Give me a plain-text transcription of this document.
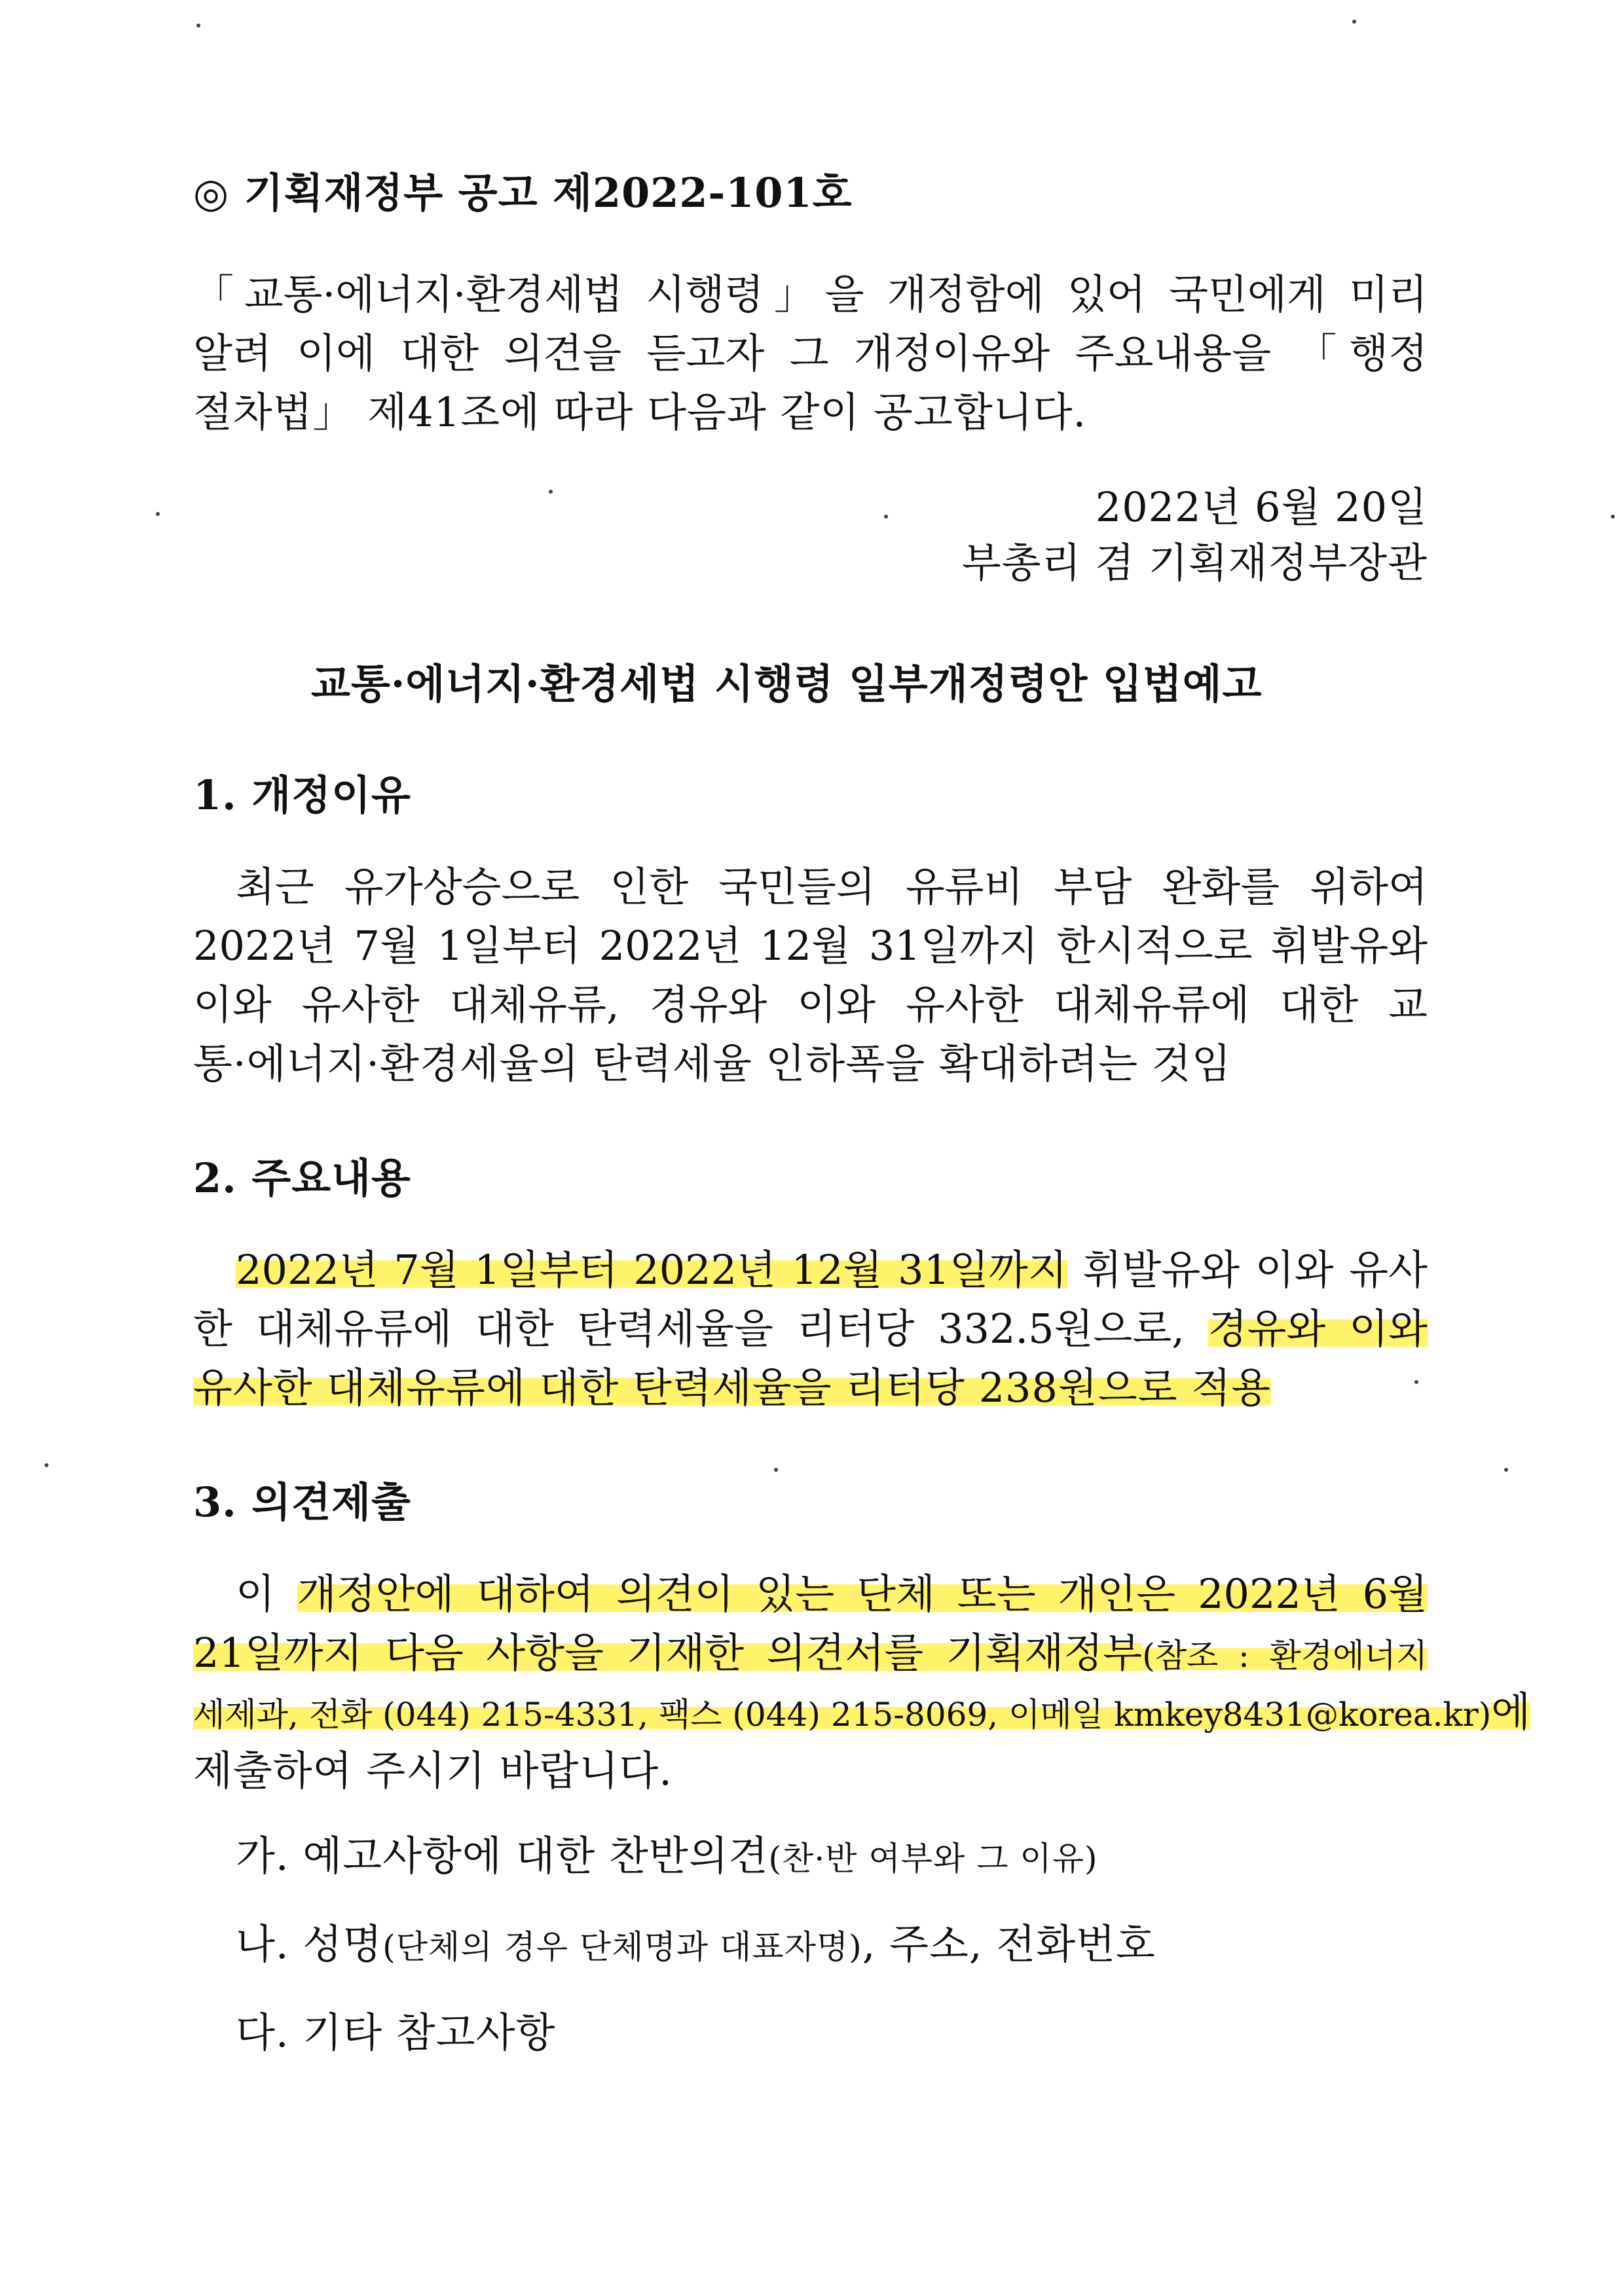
◎ 기획재정부 공고 제2022-101호

「교통·에너지·환경세법 시행령」을 개정함에 있어 국민에게 미리
알려 이에 대한 의견을 듣고자 그 개정이유와 주요내용을 「행정
절차법」 제41조에 따라 다음과 같이 공고합니다.

2022년 6월 20일

부총리 겸 기획재정부장관

교통·에너지·환경세법 시행령 일부개정령안 입법예고

1. 개정이유

최근 유가상승으로 인한 국민들의 유류비 부담 완화를 위하여
2022년 7월 1일부터 2022년 12월 31일까지 한시적으로 휘발유와
이와 유사한 대체유류, 경유와 이와 유사한 대체유류에 대한 교
통·에너지·환경세율의 탄력세율 인하폭을 확대하려는 것임

2. 주요내용

2022년 7월 1일부터 2022년 12월 31일까지 휘발유와 이와 유사
한 대체유류에 대한 탄력세율을 리터당 332.5원으로, 경유와 이와
유사한 대체유류에 대한 탄력세율을 리터당 238원으로 적용

3. 의견제출

이 개정안에 대하여 의견이 있는 단체 또는 개인은 2022년 6월
21일까지 다음 사항을 기재한 의견서를 기획재정부(참조 : 환경에너지
세제과, 전화 (044) 215-4331, 팩스 (044) 215-8069, 이메일 kmkey8431@korea.kr)에
제출하여 주시기 바랍니다.

가. 예고사항에 대한 찬반의견(찬·반 여부와 그 이유)

나. 성명(단체의 경우 단체명과 대표자명), 주소, 전화번호

다. 기타 참고사항
